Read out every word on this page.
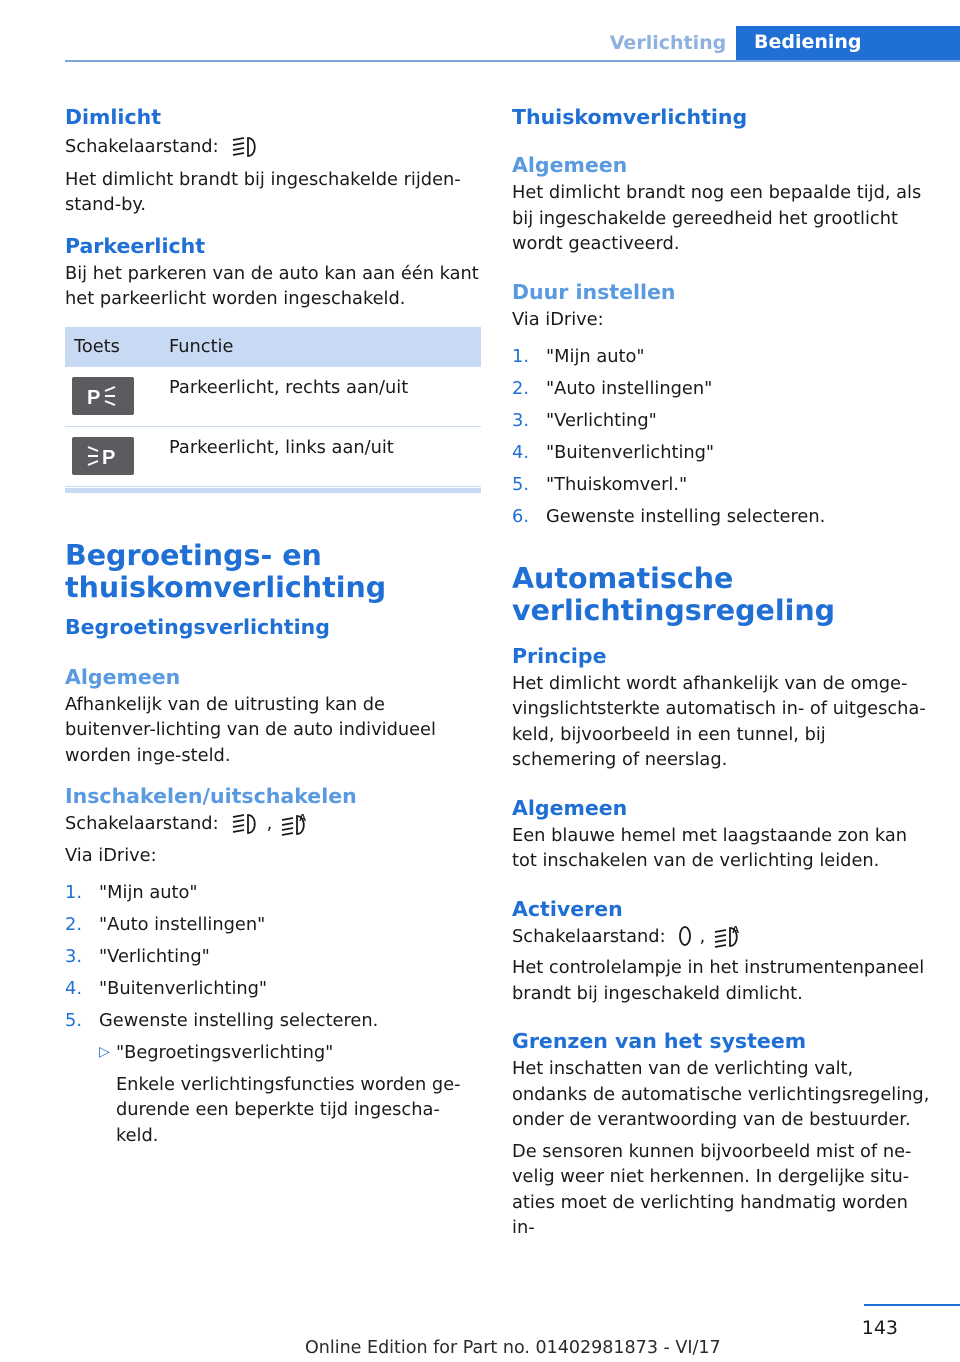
Verlichting	Bediening
Dimlicht

Schakelaarstand:

Het dimlicht brandt bij ingeschakelde rijden-stand-by.

Parkeerlicht

Bij het parkeren van de auto kan aan één kant het parkeerlicht worden ingeschakeld.

Toets	Functie
P	Parkeerlicht, rechts aan/uit
P	Parkeerlicht, links aan/uit
Begroetings- en thuiskomverlichting
Begroetingsverlichting
Algemeen

Afhankelijk van de uitrusting kan de buitenver-lichting van de auto individueel worden inge-steld.

Inschakelen/uitschakelen

Schakelaarstand:	,	A

Via iDrive:

1. "Mijn auto"
2. "Auto instellingen"
3. "Verlichting"
4. "Buitenverlichting"
5. Gewenste instelling selecteren.
▷ "Begroetingsverlichting"

Enkele verlichtingsfuncties worden ge-durende een beperkte tijd ingescha-keld.

Thuiskomverlichting
Algemeen

Het dimlicht brandt nog een bepaalde tijd, als bij ingeschakelde gereedheid het grootlicht wordt geactiveerd.

Duur instellen

Via iDrive:

1. "Mijn auto"
2. "Auto instellingen"
3. "Verlichting"
4. "Buitenverlichting"
5. "Thuiskomverl."
6. Gewenste instelling selecteren.
Automatische verlichtingsregeling
Principe

Het dimlicht wordt afhankelijk van de omge-vingslichtsterkte automatisch in- of uitgescha-keld, bijvoorbeeld in een tunnel, bij schemering of neerslag.

Algemeen

Een blauwe hemel met laagstaande zon kan tot inschakelen van de verlichting leiden.

Activeren

Schakelaarstand: ,	A

Het controlelampje in het instrumentenpaneel brandt bij ingeschakeld dimlicht.

Grenzen van het systeem

Het inschatten van de verlichting valt, ondanks de automatische verlichtingsregeling, onder de verantwoording van de bestuurder.

De sensoren kunnen bijvoorbeeld mist of ne-velig weer niet herkennen. In dergelijke situ-aties moet de verlichting handmatig worden in-

143
Online Edition for Part no. 01402981873 - VI/17
